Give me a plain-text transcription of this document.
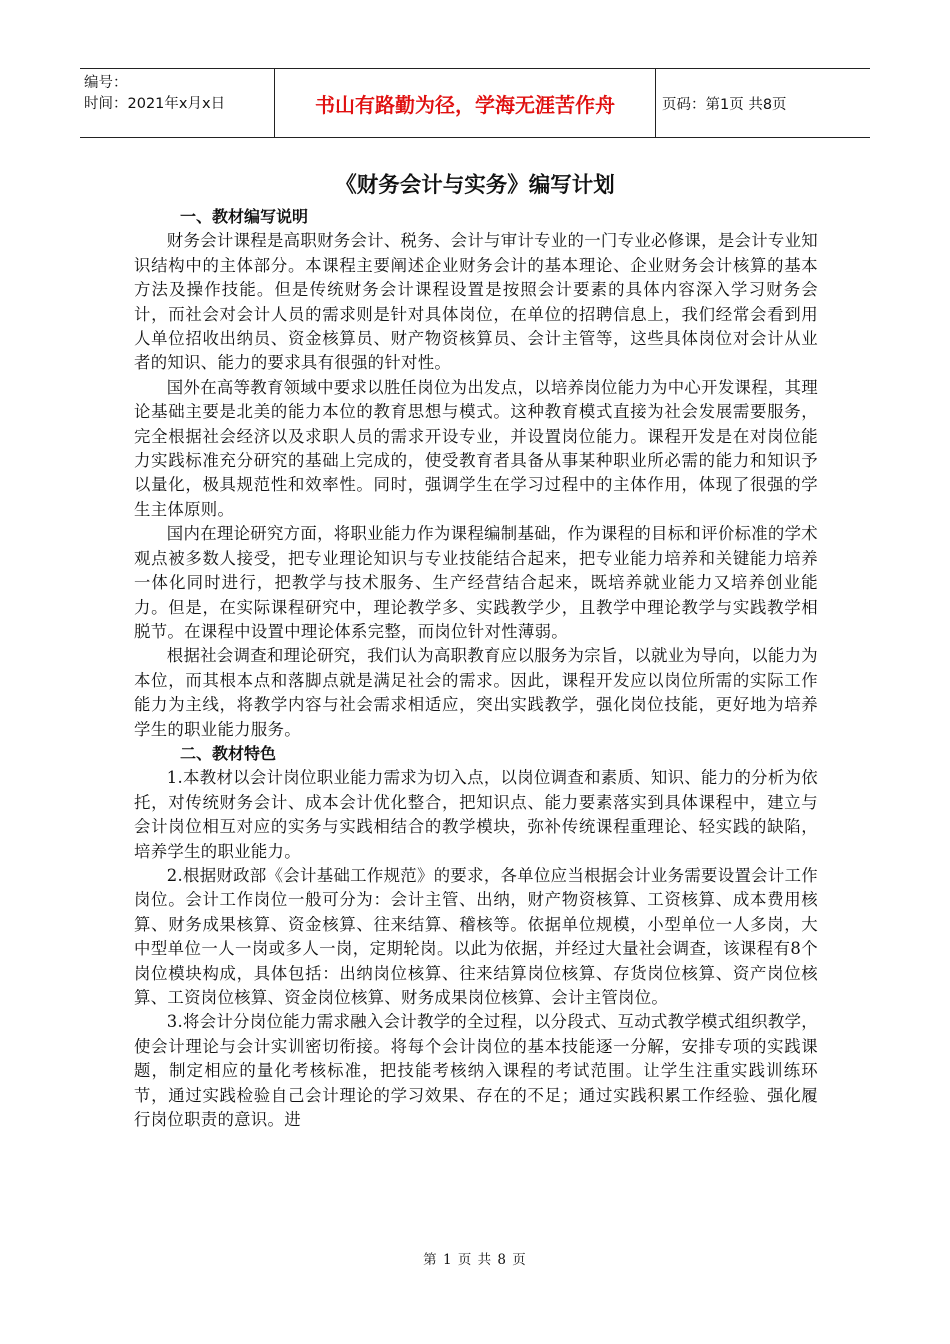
编号：
时间：2021年x月x日	书山有路勤为径，学海无涯苦作舟	页码：第1页 共8页
《财务会计与实务》编写计划
一、教材编写说明

财务会计课程是高职财务会计、税务、会计与审计专业的一门专业必修课，是会计专业知识结构中的主体部分。本课程主要阐述企业财务会计的基本理论、企业财务会计核算的基本方法及操作技能。但是传统财务会计课程设置是按照会计要素的具体内容深入学习财务会计，而社会对会计人员的需求则是针对具体岗位，在单位的招聘信息上，我们经常会看到用人单位招收出纳员、资金核算员、财产物资核算员、会计主管等，这些具体岗位对会计从业者的知识、能力的要求具有很强的针对性。

国外在高等教育领域中要求以胜任岗位为出发点，以培养岗位能力为中心开发课程，其理论基础主要是北美的能力本位的教育思想与模式。这种教育模式直接为社会发展需要服务，完全根据社会经济以及求职人员的需求开设专业，并设置岗位能力。课程开发是在对岗位能力实践标准充分研究的基础上完成的，使受教育者具备从事某种职业所必需的能力和知识予以量化，极具规范性和效率性。同时，强调学生在学习过程中的主体作用，体现了很强的学生主体原则。

国内在理论研究方面，将职业能力作为课程编制基础，作为课程的目标和评价标准的学术观点被多数人接受，把专业理论知识与专业技能结合起来，把专业能力培养和关键能力培养一体化同时进行，把教学与技术服务、生产经营结合起来，既培养就业能力又培养创业能力。但是，在实际课程研究中，理论教学多、实践教学少，且教学中理论教学与实践教学相脱节。在课程中设置中理论体系完整，而岗位针对性薄弱。

根据社会调查和理论研究，我们认为高职教育应以服务为宗旨，以就业为导向，以能力为本位，而其根本点和落脚点就是满足社会的需求。因此，课程开发应以岗位所需的实际工作能力为主线，将教学内容与社会需求相适应，突出实践教学，强化岗位技能，更好地为培养学生的职业能力服务。

二、教材特色

1.本教材以会计岗位职业能力需求为切入点，以岗位调查和素质、知识、能力的分析为依托，对传统财务会计、成本会计优化整合，把知识点、能力要素落实到具体课程中，建立与会计岗位相互对应的实务与实践相结合的教学模块，弥补传统课程重理论、轻实践的缺陷，培养学生的职业能力。

2.根据财政部《会计基础工作规范》的要求，各单位应当根据会计业务需要设置会计工作岗位。会计工作岗位一般可分为：会计主管、出纳，财产物资核算、工资核算、成本费用核算、财务成果核算、资金核算、往来结算、稽核等。依据单位规模，小型单位一人多岗，大中型单位一人一岗或多人一岗，定期轮岗。以此为依据，并经过大量社会调查，该课程有8个岗位模块构成，具体包括：出纳岗位核算、往来结算岗位核算、存货岗位核算、资产岗位核算、工资岗位核算、资金岗位核算、财务成果岗位核算、会计主管岗位。

3.将会计分岗位能力需求融入会计教学的全过程，以分段式、互动式教学模式组织教学，使会计理论与会计实训密切衔接。将每个会计岗位的基本技能逐一分解，安排专项的实践课题，制定相应的量化考核标准，把技能考核纳入课程的考试范围。让学生注重实践训练环节，通过实践检验自己会计理论的学习效果、存在的不足；通过实践积累工作经验、强化履行岗位职责的意识。进

第 1 页 共 8 页
